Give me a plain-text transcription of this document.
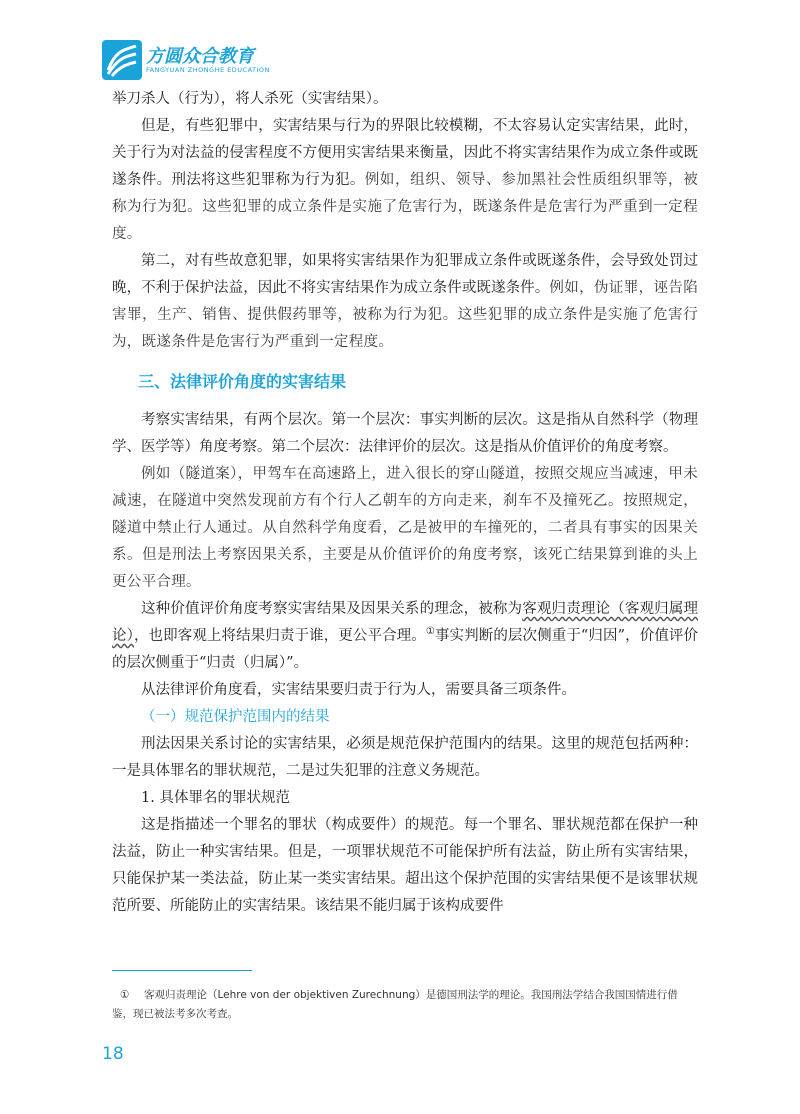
方圆众合教育
FANGYUAN ZHONGHE EDUCATION

举刀杀人（行为），将人杀死（实害结果）。

但是，有些犯罪中，实害结果与行为的界限比较模糊，不太容易认定实害结果，此时，关于行为对法益的侵害程度不方便用实害结果来衡量，因此不将实害结果作为成立条件或既遂条件。刑法将这些犯罪称为行为犯。例如，组织、领导、参加黑社会性质组织罪等，被称为行为犯。这些犯罪的成立条件是实施了危害行为，既遂条件是危害行为严重到一定程度。

第二，对有些故意犯罪，如果将实害结果作为犯罪成立条件或既遂条件，会导致处罚过晚，不利于保护法益，因此不将实害结果作为成立条件或既遂条件。例如，伪证罪，诬告陷害罪，生产、销售、提供假药罪等，被称为行为犯。这些犯罪的成立条件是实施了危害行为，既遂条件是危害行为严重到一定程度。

三、法律评价角度的实害结果

考察实害结果，有两个层次。第一个层次：事实判断的层次。这是指从自然科学（物理学、医学等）角度考察。第二个层次：法律评价的层次。这是指从价值评价的角度考察。

例如（隧道案），甲驾车在高速路上，进入很长的穿山隧道，按照交规应当减速，甲未减速，在隧道中突然发现前方有个行人乙朝车的方向走来，刹车不及撞死乙。按照规定，隧道中禁止行人通过。从自然科学角度看，乙是被甲的车撞死的，二者具有事实的因果关系。但是刑法上考察因果关系，主要是从价值评价的角度考察，该死亡结果算到谁的头上更公平合理。

这种价值评价角度考察实害结果及因果关系的理念，被称为客观归责理论（客观归属理论），也即客观上将结果归责于谁，更公平合理。①事实判断的层次侧重于“归因”，价值评价的层次侧重于“归责（归属）”。

从法律评价角度看，实害结果要归责于行为人，需要具备三项条件。

（一）规范保护范围内的结果

刑法因果关系讨论的实害结果，必须是规范保护范围内的结果。这里的规范包括两种：一是具体罪名的罪状规范，二是过失犯罪的注意义务规范。

1. 具体罪名的罪状规范

这是指描述一个罪名的罪状（构成要件）的规范。每一个罪名、罪状规范都在保护一种法益，防止一种实害结果。但是，一项罪状规范不可能保护所有法益，防止所有实害结果，只能保护某一类法益，防止某一类实害结果。超出这个保护范围的实害结果便不是该罪状规范所要、所能防止的实害结果。该结果不能归属于该构成要件

① 客观归责理论（Lehre von der objektiven Zurechnung）是德国刑法学的理论。我国刑法学结合我国国情进行借鉴，现已被法考多次考查。
18
